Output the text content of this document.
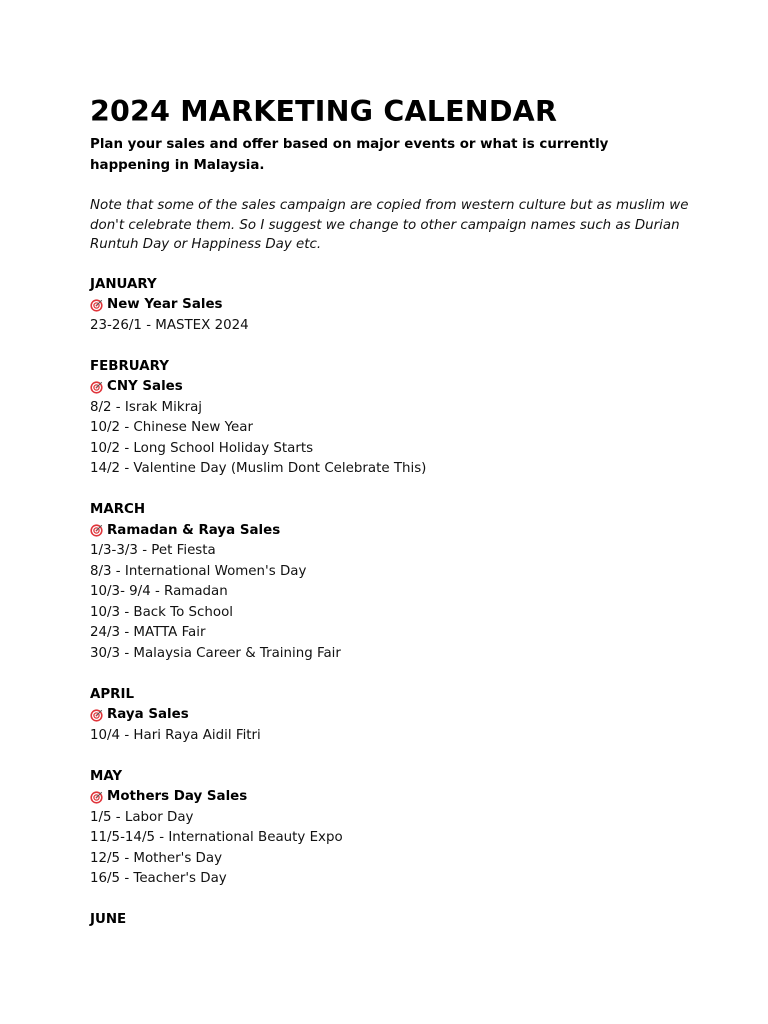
2024 MARKETING CALENDAR

Plan your sales and offer based on major events or what is currently happening in Malaysia.

Note that some of the sales campaign are copied from western culture but as muslim we don't celebrate them. So I suggest we change to other campaign names such as Durian Runtuh Day or Happiness Day etc.

JANUARY
New Year Sales
23-26/1 - MASTEX 2024
FEBRUARY
CNY Sales
8/2 - Israk Mikraj
10/2 - Chinese New Year
10/2 - Long School Holiday Starts
14/2 - Valentine Day (Muslim Dont Celebrate This)
MARCH
Ramadan & Raya Sales
1/3-3/3 - Pet Fiesta
8/3 - International Women's Day
10/3- 9/4 - Ramadan
10/3 - Back To School
24/3 - MATTA Fair
30/3 - Malaysia Career & Training Fair
APRIL
Raya Sales
10/4 - Hari Raya Aidil Fitri
MAY
Mothers Day Sales
1/5 - Labor Day
11/5-14/5 - International Beauty Expo
12/5 - Mother's Day
16/5 - Teacher's Day
JUNE
